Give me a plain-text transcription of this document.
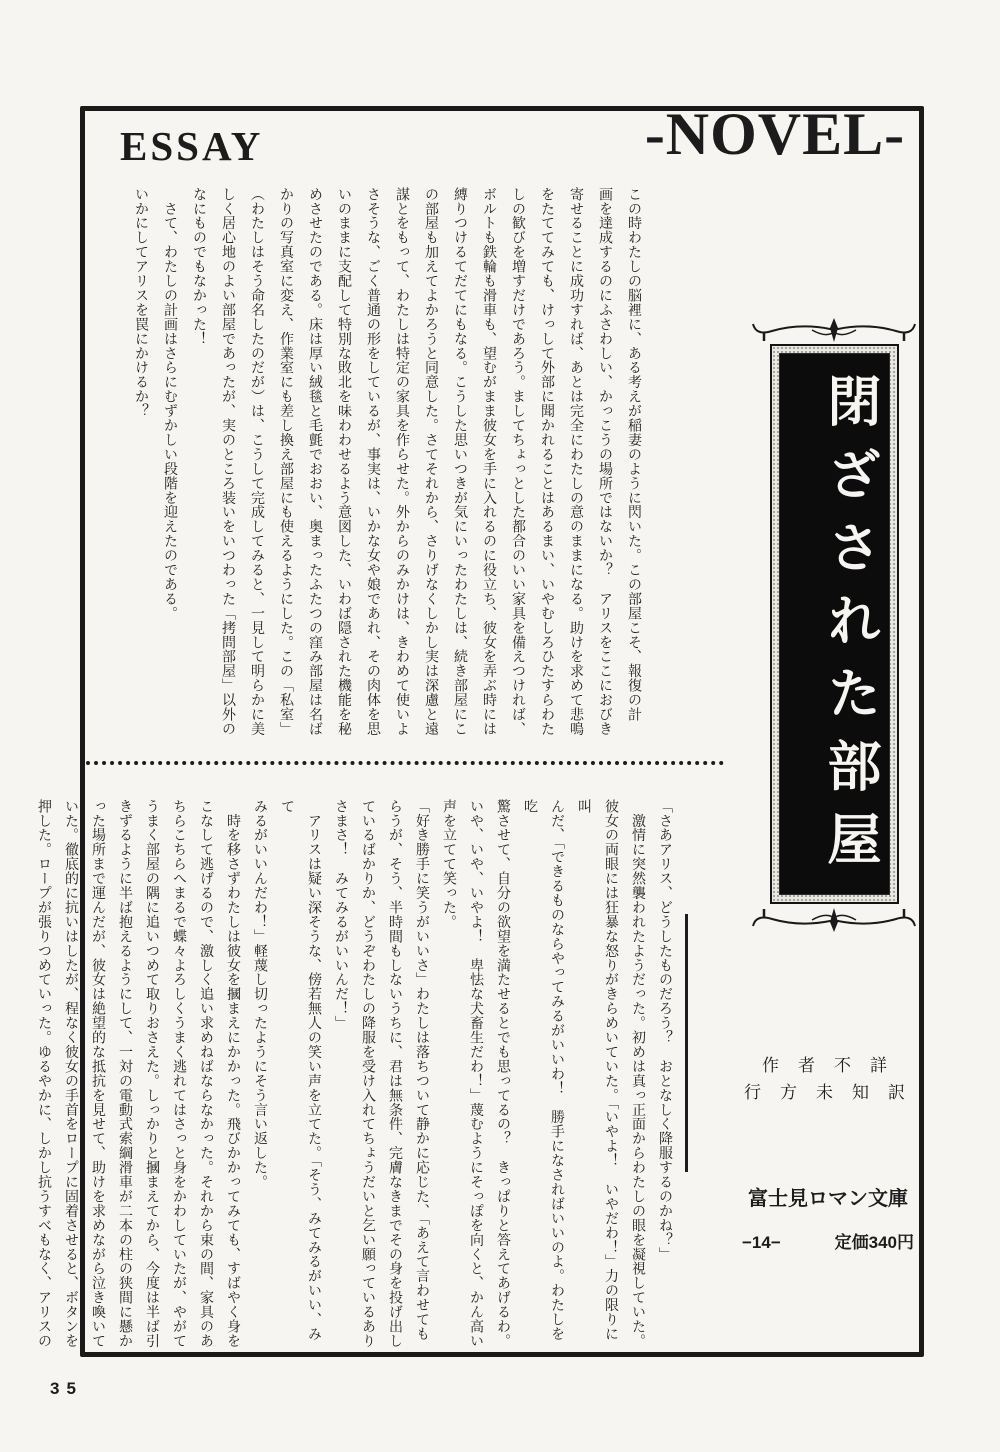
ESSAY	-NOVEL-

この時わたしの脳裡に、ある考えが稲妻のように閃いた。この部屋こそ、報復の計

画を達成するのにふさわしい、かっこうの場所ではないか？　アリスをここにおびき

寄せることに成功すれば、あとは完全にわたしの意のままになる。助けを求めて悲鳴

をたててみても、けっして外部に聞かれることはあるまい、いやむしろひたすらわた

しの歓びを増すだけであろう。ましてちょっとした都合のいい家具を備えつければ、

ボルトも鉄輪も滑車も、望むがまま彼女を手に入れるのに役立ち、彼女を弄ぶ時には

縛りつけるてだてにもなる。こうした思いつきが気にいったわたしは、続き部屋にこ

の部屋も加えてよかろうと同意した。さてそれから、さりげなくしかし実は深慮と遠

謀とをもって、わたしは特定の家具を作らせた。外からのみかけは、きわめて使いよ

さそうな、ごく普通の形をしているが、事実は、いかな女や娘であれ、その肉体を思

いのままに支配して特別な敗北を味わわせるよう意図した、いわば隠された機能を秘

めさせたのである。床は厚い絨毯と毛氈でおおい、奥まったふたつの窪み部屋は名ば

かりの写真室に変え、作業室にも差し換え部屋にも使えるようにした。この「私室」

（わたしはそう命名したのだが）は、こうして完成してみると、一見して明らかに美

しく居心地のよい部屋であったが、実のところ装いをいつわった「拷問部屋」以外の

なにものでもなかった！

　さて、わたしの計画はさらにむずかしい段階を迎えたのである。

いかにしてアリスを罠にかけるか？

「さあアリス、どうしたものだろう？　おとなしく降服するのかね？」

　激情に突然襲われたようだった。初めは真っ正面からわたしの眼を凝視していた。

彼女の両眼には狂暴な怒りがきらめいていた。「いやよ！　いやだわ！」力の限りに叫

んだ、「できるものならやってみるがいいわ！　勝手になさればいいのよ。わたしを吃

驚させて、自分の欲望を満たせるとでも思ってるの？　きっぱりと答えてあげるわ。

いや、いや、いやよ！　卑怯な犬畜生だわ！」蔑むようにそっぽを向くと、かん高い

声を立てて笑った。

「好き勝手に笑うがいいさ」わたしは落ちついて静かに応じた、「あえて言わせても

らうが、そう、半時間もしないうちに、君は無条件、完膚なきまでその身を投げ出し

ているばかりか、どうぞわたしの降服を受け入れてちょうだいと乞い願っているあり

さまさ！　みてみるがいいんだ！」

　アリスは疑い深そうな、傍若無人の笑い声を立てた。「そう、みてみるがいい、みて

みるがいいんだわ！」軽蔑し切ったようにそう言い返した。

　時を移さずわたしは彼女を摑まえにかかった。飛びかかってみても、すばやく身を

こなして逃げるので、激しく追い求めねばならなかった。それから束の間、家具のあ

ちらこちらへまるで蝶々よろしくうまく逃れてはさっと身をかわしていたが、やがて

うまく部屋の隅に追いつめて取りおさえた。しっかりと摑まえてから、今度は半ば引

きずるように半ば抱えるようにして、一対の電動式索綱滑車が二本の柱の狭間に懸か

った場所まで運んだが、彼女は絶望的な抵抗を見せて、助けを求めながら泣き喚いて

いた。徹底的に抗いはしたが、程なく彼女の手首をロープに固着させると、ボタンを

押した。ロープが張りつめていった。ゆるやかに、しかし抗うすべもなく、アリスの

閉ざされた部屋
作　者　不　詳
行　方　未　知　訳
富士見ロマン文庫
−14−	定価340円
35
